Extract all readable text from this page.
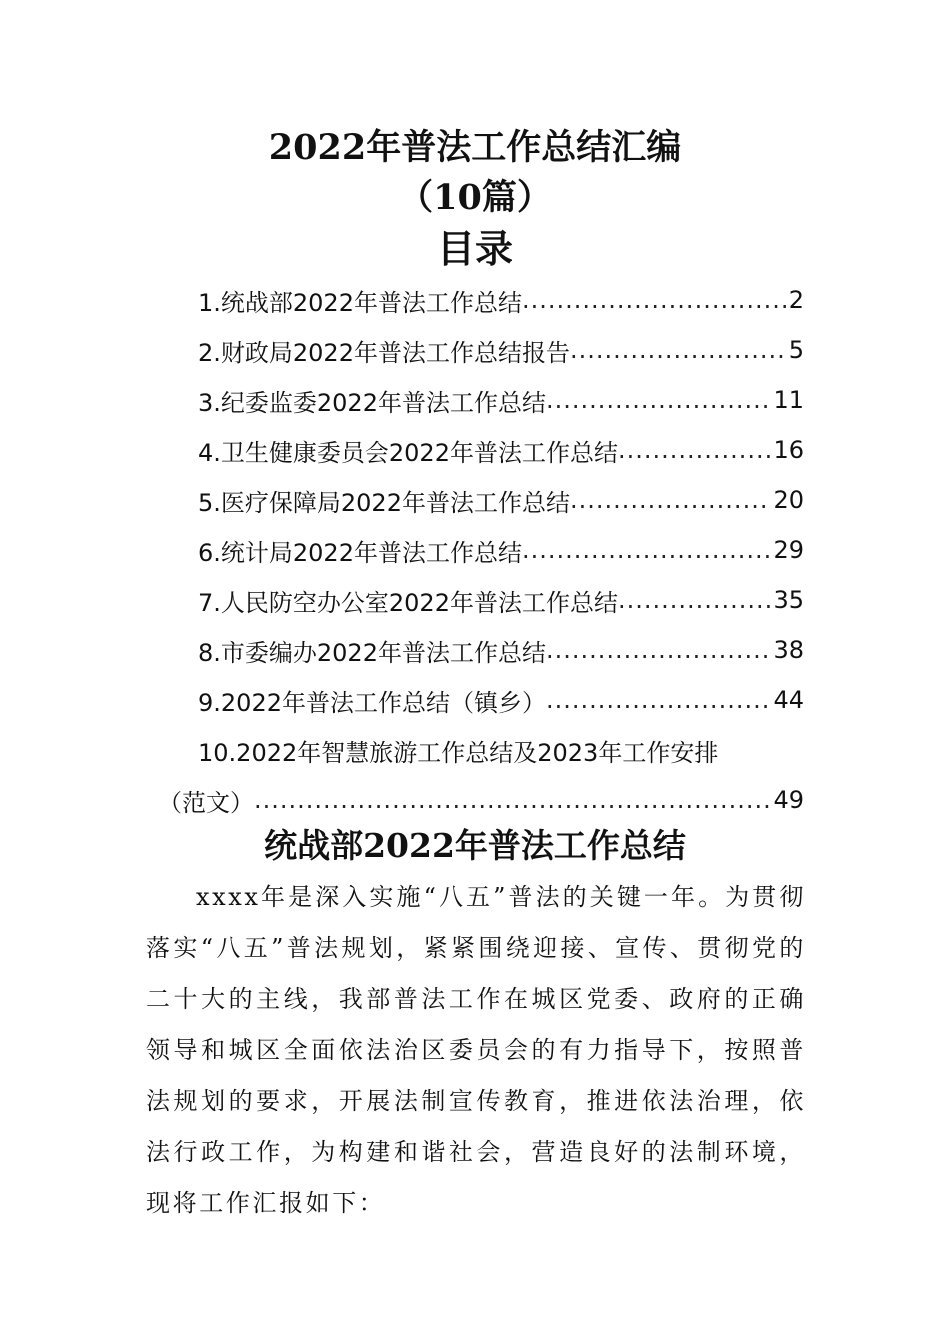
2022年普法工作总结汇编
（10篇）
目录
1.统战部2022年普法工作总结 .....	2
2.财政局2022年普法工作总结报告 .....	5
3.纪委监委2022年普法工作总结 .....	11
4.卫生健康委员会2022年普法工作总结 .....	16
5.医疗保障局2022年普法工作总结 .....	20
6.统计局2022年普法工作总结 .....	29
7.人民防空办公室2022年普法工作总结 .....	35
8.市委编办2022年普法工作总结 .....	38
9.2022年普法工作总结（镇乡） .....	44
10.2022年智慧旅游工作总结及2023年工作安排
（范文） .....	49
统战部2022年普法工作总结

xxxx年是深入实施“八五”普法的关键一年。为贯彻落实“八五”普法规划，紧紧围绕迎接、宣传、贯彻党的二十大的主线，我部普法工作在城区党委、政府的正确领导和城区全面依法治区委员会的有力指导下，按照普法规划的要求，开展法制宣传教育，推进依法治理，依法行政工作，为构建和谐社会，营造良好的法制环境，现将工作汇报如下：
